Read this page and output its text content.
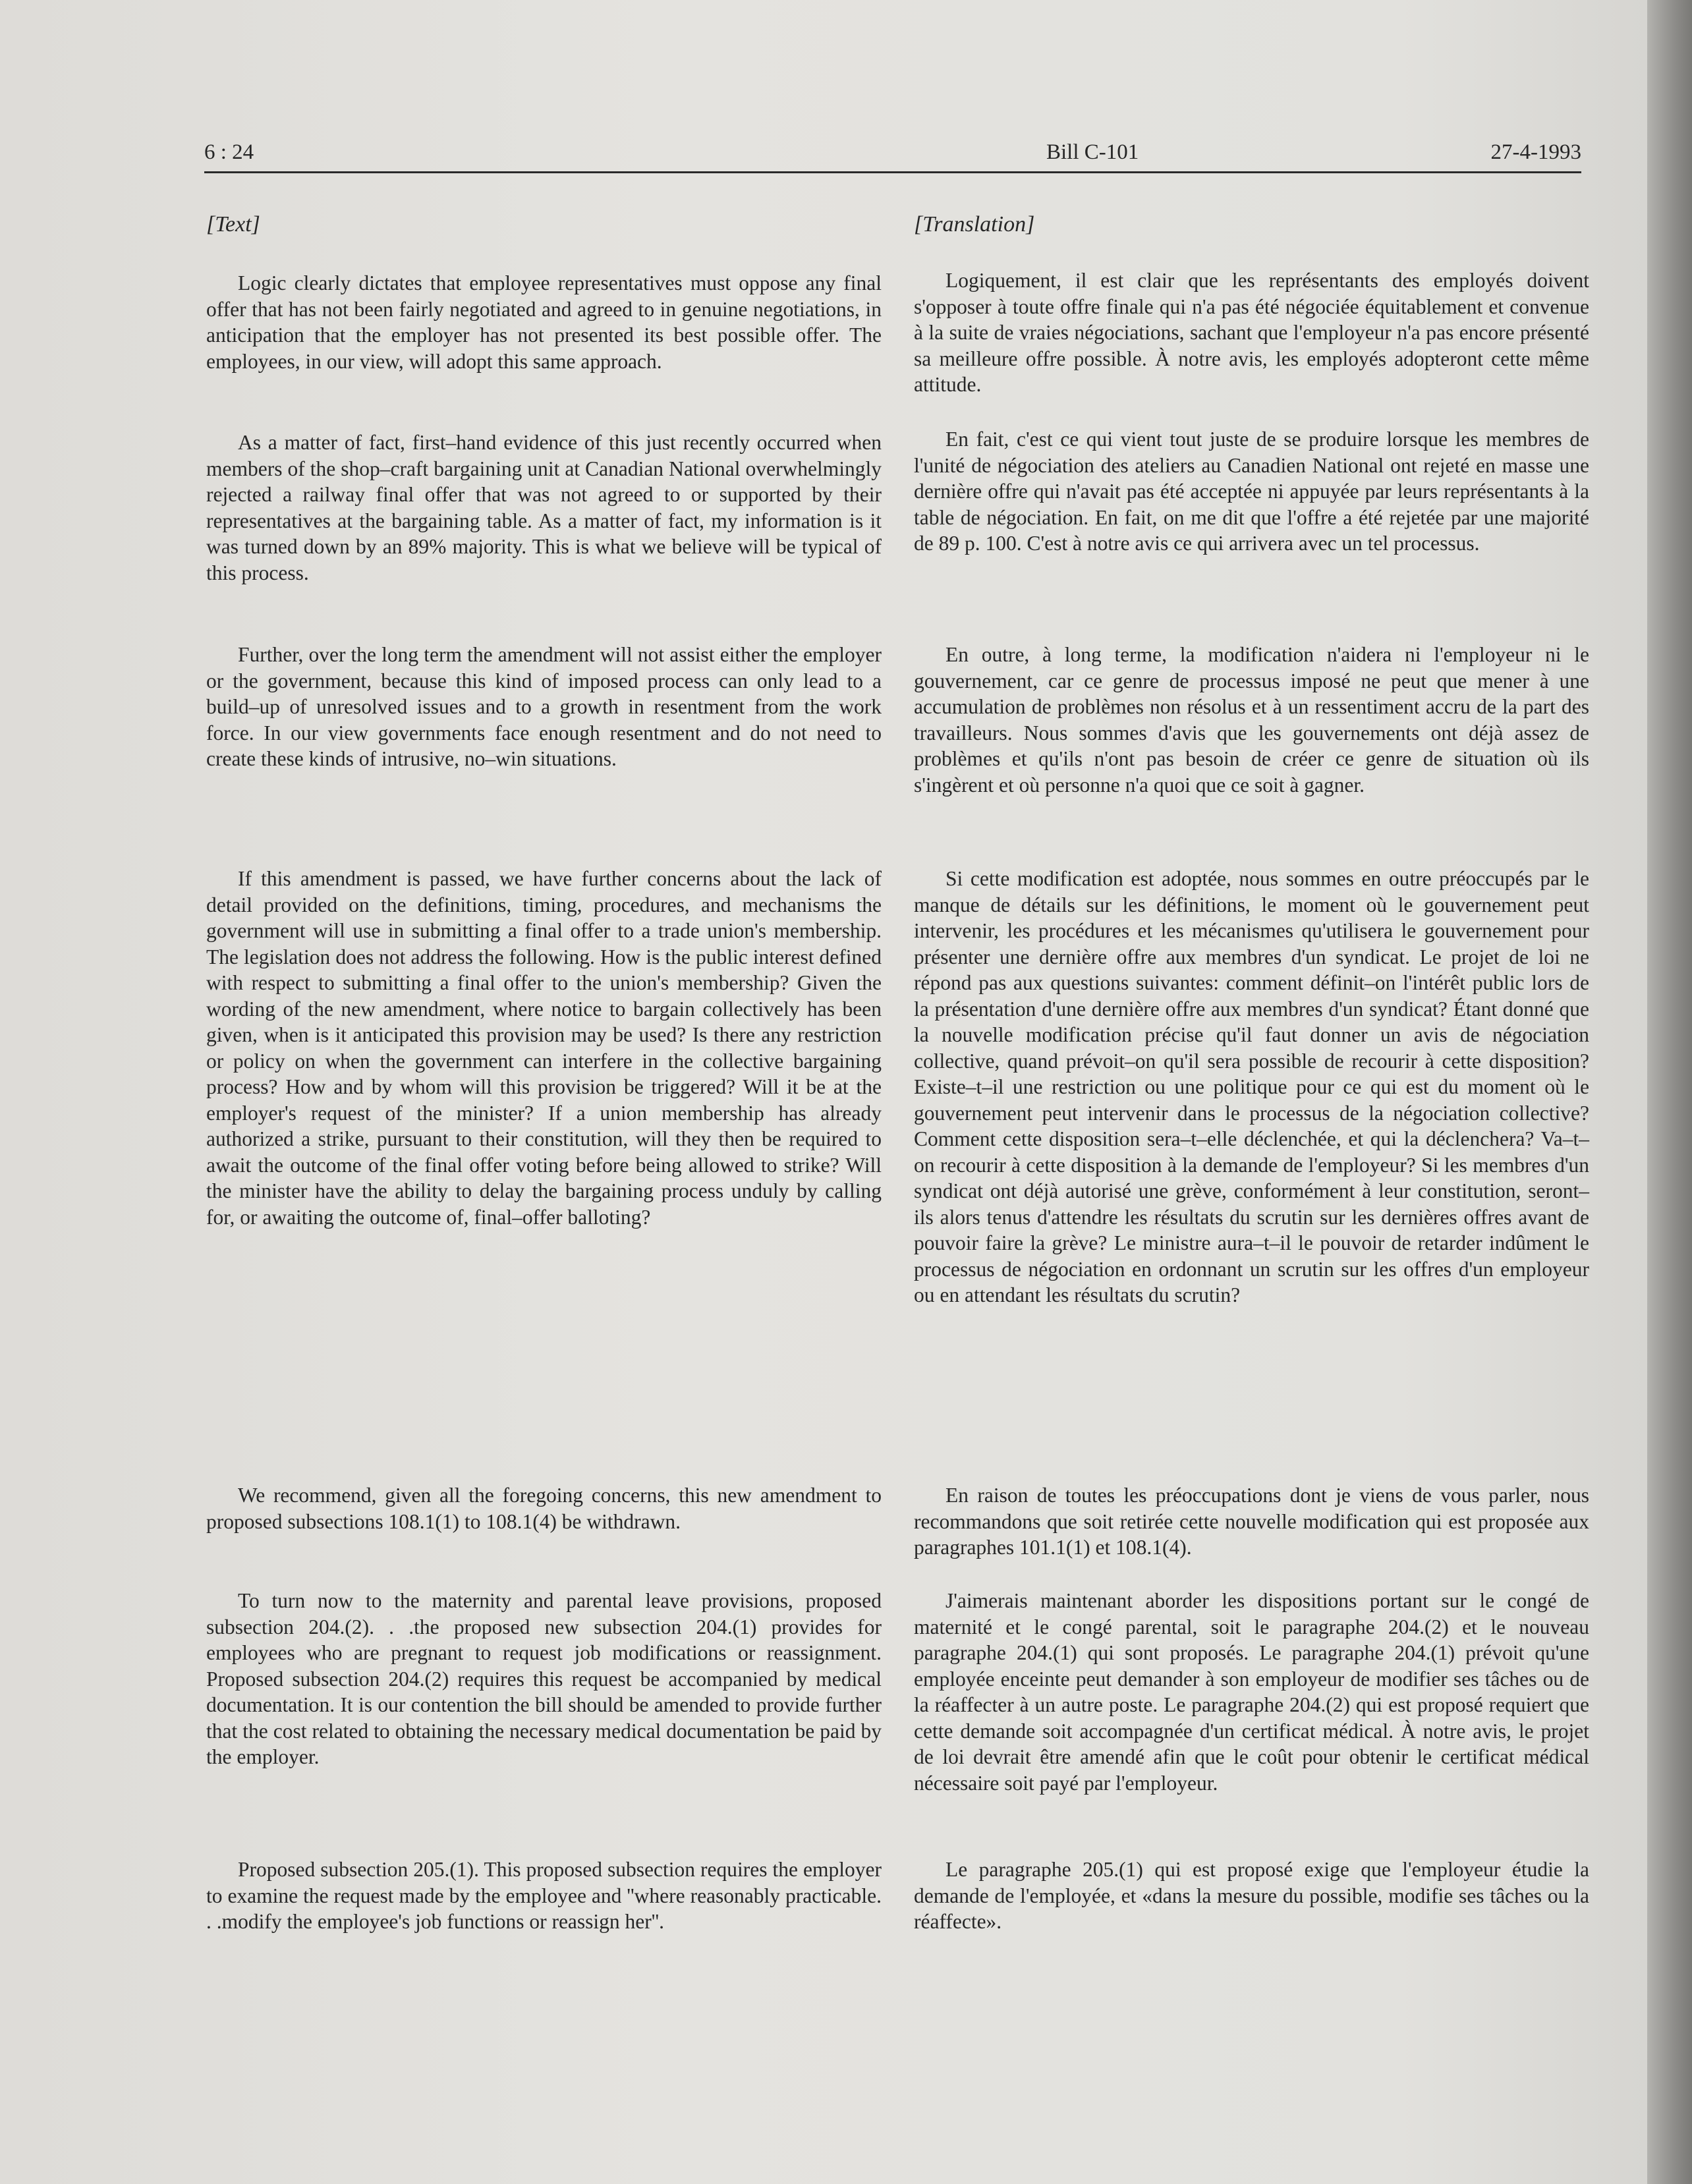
6 : 24	Bill C-101	27-4-1993
[Text]

Logic clearly dictates that employee representatives must oppose any final offer that has not been fairly negotiated and agreed to in genuine negotiations, in anticipation that the employer has not presented its best possible offer. The employees, in our view, will adopt this same approach.

As a matter of fact, first–hand evidence of this just recently occurred when members of the shop–craft bargaining unit at Canadian National overwhelmingly rejected a railway final offer that was not agreed to or supported by their representatives at the bargaining table. As a matter of fact, my information is it was turned down by an 89% majority. This is what we believe will be typical of this process.

Further, over the long term the amendment will not assist either the employer or the government, because this kind of imposed process can only lead to a build–up of unresolved issues and to a growth in resentment from the work force. In our view governments face enough resentment and do not need to create these kinds of intrusive, no–win situations.

If this amendment is passed, we have further concerns about the lack of detail provided on the definitions, timing, procedures, and mechanisms the government will use in submitting a final offer to a trade union's membership. The legislation does not address the following. How is the public interest defined with respect to submitting a final offer to the union's membership? Given the wording of the new amendment, where notice to bargain collectively has been given, when is it anticipated this provision may be used? Is there any restriction or policy on when the government can interfere in the collective bargaining process? How and by whom will this provision be triggered? Will it be at the employer's request of the minister? If a union membership has already authorized a strike, pursuant to their constitution, will they then be required to await the outcome of the final offer voting before being allowed to strike? Will the minister have the ability to delay the bargaining process unduly by calling for, or awaiting the outcome of, final–offer balloting?

We recommend, given all the foregoing concerns, this new amendment to proposed subsections 108.1(1) to 108.1(4) be withdrawn.

To turn now to the maternity and parental leave provisions, proposed subsection 204.(2). . .the proposed new subsection 204.(1) provides for employees who are pregnant to request job modifications or reassignment. Proposed subsection 204.(2) requires this request be accompanied by medical documentation. It is our contention the bill should be amended to provide further that the cost related to obtaining the necessary medical documentation be paid by the employer.

Proposed subsection 205.(1). This proposed subsection requires the employer to examine the request made by the employee and ''where reasonably practicable. . .modify the employee's job functions or reassign her''.

[Translation]

Logiquement, il est clair que les représentants des employés doivent s'opposer à toute offre finale qui n'a pas été négociée équitablement et convenue à la suite de vraies négociations, sachant que l'employeur n'a pas encore présenté sa meilleure offre possible. À notre avis, les employés adopteront cette même attitude.

En fait, c'est ce qui vient tout juste de se produire lorsque les membres de l'unité de négociation des ateliers au Canadien National ont rejeté en masse une dernière offre qui n'avait pas été acceptée ni appuyée par leurs représentants à la table de négociation. En fait, on me dit que l'offre a été rejetée par une majorité de 89 p. 100. C'est à notre avis ce qui arrivera avec un tel processus.

En outre, à long terme, la modification n'aidera ni l'employeur ni le gouvernement, car ce genre de processus imposé ne peut que mener à une accumulation de problèmes non résolus et à un ressentiment accru de la part des travailleurs. Nous sommes d'avis que les gouvernements ont déjà assez de problèmes et qu'ils n'ont pas besoin de créer ce genre de situation où ils s'ingèrent et où personne n'a quoi que ce soit à gagner.

Si cette modification est adoptée, nous sommes en outre préoccupés par le manque de détails sur les définitions, le moment où le gouvernement peut intervenir, les procédures et les mécanismes qu'utilisera le gouvernement pour présenter une dernière offre aux membres d'un syndicat. Le projet de loi ne répond pas aux questions suivantes: comment définit–on l'intérêt public lors de la présentation d'une dernière offre aux membres d'un syndicat? Étant donné que la nouvelle modification précise qu'il faut donner un avis de négociation collective, quand prévoit–on qu'il sera possible de recourir à cette disposition? Existe–t–il une restriction ou une politique pour ce qui est du moment où le gouvernement peut intervenir dans le processus de la négociation collective? Comment cette disposition sera–t–elle déclenchée, et qui la déclenchera? Va–t–on recourir à cette disposition à la demande de l'employeur? Si les membres d'un syndicat ont déjà autorisé une grève, conformément à leur constitution, seront–ils alors tenus d'attendre les résultats du scrutin sur les dernières offres avant de pouvoir faire la grève? Le ministre aura–t–il le pouvoir de retarder indûment le processus de négociation en ordonnant un scrutin sur les offres d'un employeur ou en attendant les résultats du scrutin?

En raison de toutes les préoccupations dont je viens de vous parler, nous recommandons que soit retirée cette nouvelle modification qui est proposée aux paragraphes 101.1(1) et 108.1(4).

J'aimerais maintenant aborder les dispositions portant sur le congé de maternité et le congé parental, soit le paragraphe 204.(2) et le nouveau paragraphe 204.(1) qui sont proposés. Le paragraphe 204.(1) prévoit qu'une employée enceinte peut demander à son employeur de modifier ses tâches ou de la réaffecter à un autre poste. Le paragraphe 204.(2) qui est proposé requiert que cette demande soit accompagnée d'un certificat médical. À notre avis, le projet de loi devrait être amendé afin que le coût pour obtenir le certificat médical nécessaire soit payé par l'employeur.

Le paragraphe 205.(1) qui est proposé exige que l'employeur étudie la demande de l'employée, et «dans la mesure du possible, modifie ses tâches ou la réaffecte».
